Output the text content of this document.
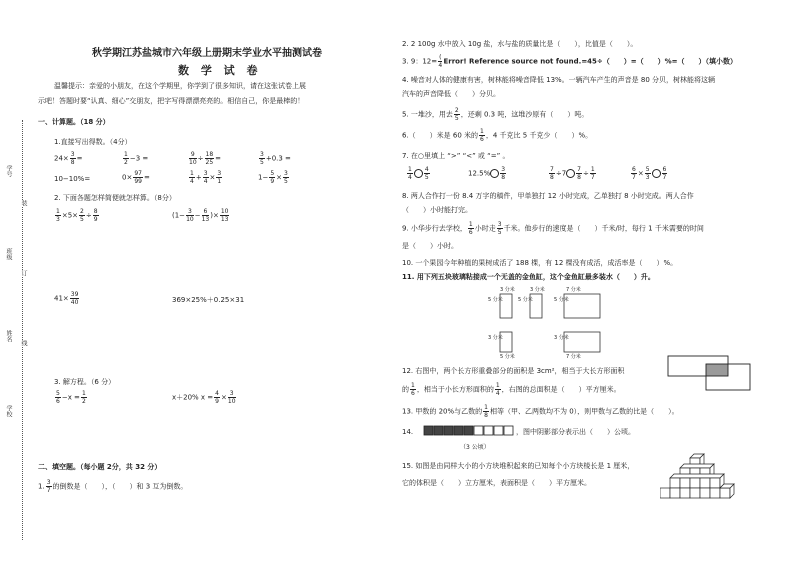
学号
班级
姓名
学校
装
订
线
秋学期江苏盐城市六年级上册期末学业水平抽测试卷
数 学 试 卷
温馨提示：亲爱的小朋友，在这个学期里，你学到了很多知识，请在这张试卷上展
示吧！答题时要“认真、细心”交朋友，把字写得漂漂亮亮的。相信自己，你是最棒的！
一、计算题。（18 分）
1.直接写出得数。（4分）
$24\times \frac{3}{8}$ =	$\frac{1}{2} -3$ =	$\frac{9}{10} \div \frac{18}{25}$ =	$\frac{3}{5} +0.3$ =
10−10%=	$0\times \frac{97}{99}$ =	$\frac{1}{4} + \frac{3}{4} \times \frac{3}{1}$	$1- \frac{5}{9} \times \frac{3}{5}$
2. 下面各题怎样简便就怎样算。（8分）
$\frac{1}{3} \times 5\times \frac{2}{5} \div \frac{8}{9}$	($1- \frac{3}{10} - \frac{6}{13}$ )× $\frac{10}{13}$
$41\times \frac{39}{40}$	369×25%＋0.25×31
3. 解方程。（6 分）
$\frac{5}{6} -x = \frac{1}{2}$	x＋20% $x = \frac{4}{9} \times \frac{3}{10}$
二、填空题。（每小题 2分，共 32 分）
1. $\frac{3}{7}$ 的倒数是（　　），（　　）和 3 互为倒数。
2. 2 100g 水中放入 10g 盐，水与盐的质量比是（　　），比值是（　　）。
3. 9：$12= \frac{(}{4}$ Error! Reference source not found.=45÷（　　）=（　　）%=（　　）（填小数）
4. 噪音对人体的健康有害，树林能将噪音降低 13%。一辆汽车产生的声音是 80 分贝，树林能将这辆
汽车的声音降低（　　）分贝。
5. 一堆沙，用去 $\frac{2}{5}$ ，还剩 0.3 吨，这堆沙原有（　　）吨。
6.（　　）米是 60 米的 $\frac{1}{6}$ ，4 千克比 5 千克少（　　）%。
7. 在○里填上 “>” “<” 或 “=” 。
$\frac{1}{4} \frac{4}{5}$	$12.5\% \frac{3}{8}$	$\frac{7}{8} \div 7 \frac{7}{8} \div \frac{1}{7}$	$\frac{6}{7} \times \frac{5}{3} \frac{6}{7}$
8. 两人合作打一份 8.4 万字的稿件，甲单独打 12 小时完成，乙单独打 8 小时完成。两人合作
（　　）小时能打完。
9. 小华步行去学校， $\frac{1}{6}$ 小时走 $\frac{3}{5}$ 千米。他步行的速度是（　　）千米/时，每行 1 千米需要的时间
是（　　）小时。
10. 一个果园今年种植的果树成活了 188 棵，有 12 棵没有成活，成活率是（　　）%。
11. 用下列五块玻璃粘接成一个无盖的金鱼缸，这个金鱼缸最多装水（　　）升。
3 分米	3 分米	7 分米
5 分米	5 分米	5 分米
3 分米	3 分米
5 分米	7 分米
12. 右图中，两个长方形重叠部分的面积是 3cm²，相当于大长方形面积
的 $\frac{1}{6}$ ，相当于小长方形面积的 $\frac{1}{4}$ ，右图的总面积是（　　）平方厘米。
13. 甲数的 20%与乙数的 $\frac{1}{8}$ 相等（甲、乙两数均不为 0），则甲数与乙数的比是（　　）。
14.	，图中阴影部分表示出（　　）公顷。
（3 公顷）
15. 如图是由同样大小的小方块堆积起来的已知每个小方块棱长是 1 厘米，
它的体积是（　　）立方厘米，表面积是（　　）平方厘米。
